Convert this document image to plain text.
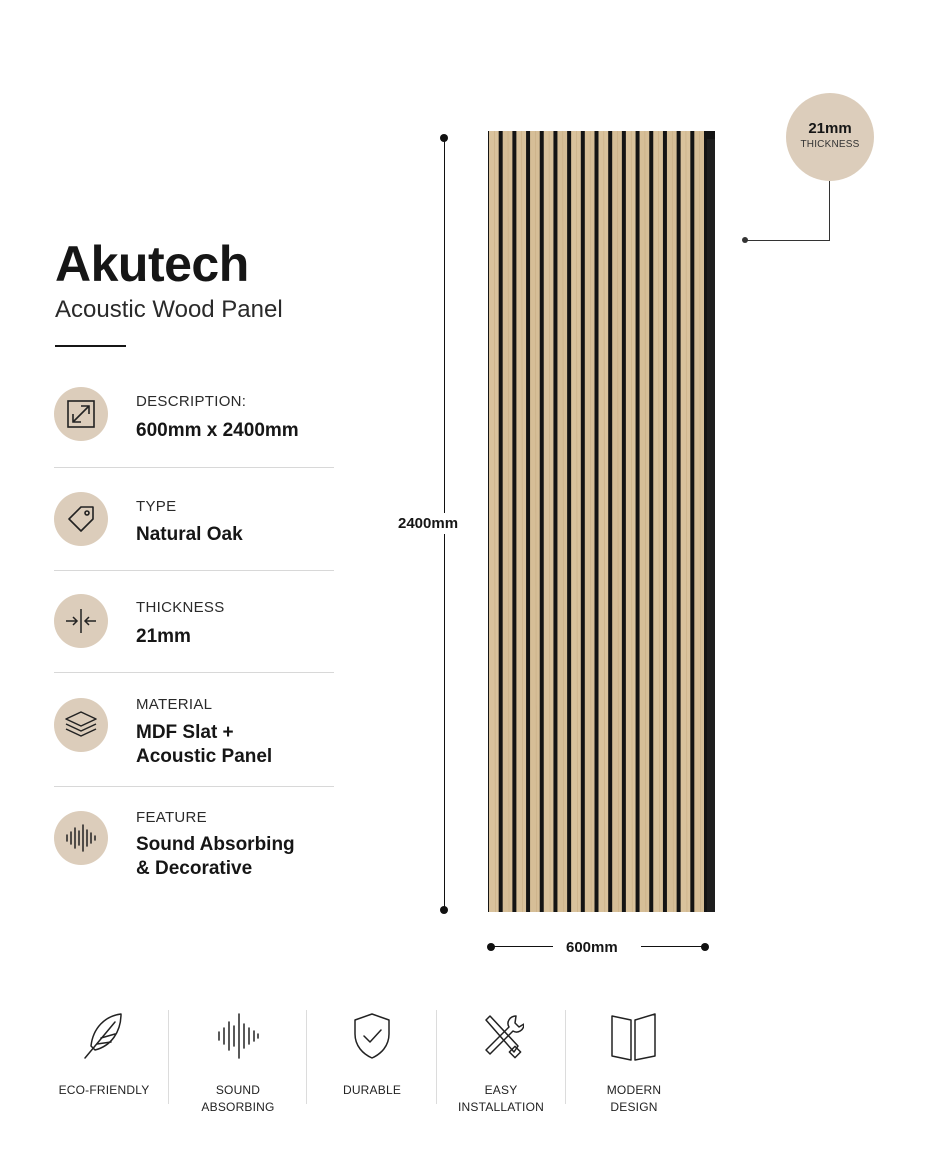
Akutech
Acoustic Wood Panel
DESCRIPTION:
600mm x 2400mm
TYPE
Natural Oak
THICKNESS
21mm
MATERIAL
MDF Slat +
Acoustic Panel
FEATURE
Sound Absorbing
& Decorative
2400mm
600mm
21mm
THICKNESS
ECO-FRIENDLY	SOUND
ABSORBING
DURABLE	EASY
INSTALLATION
MODERN
DESIGN
